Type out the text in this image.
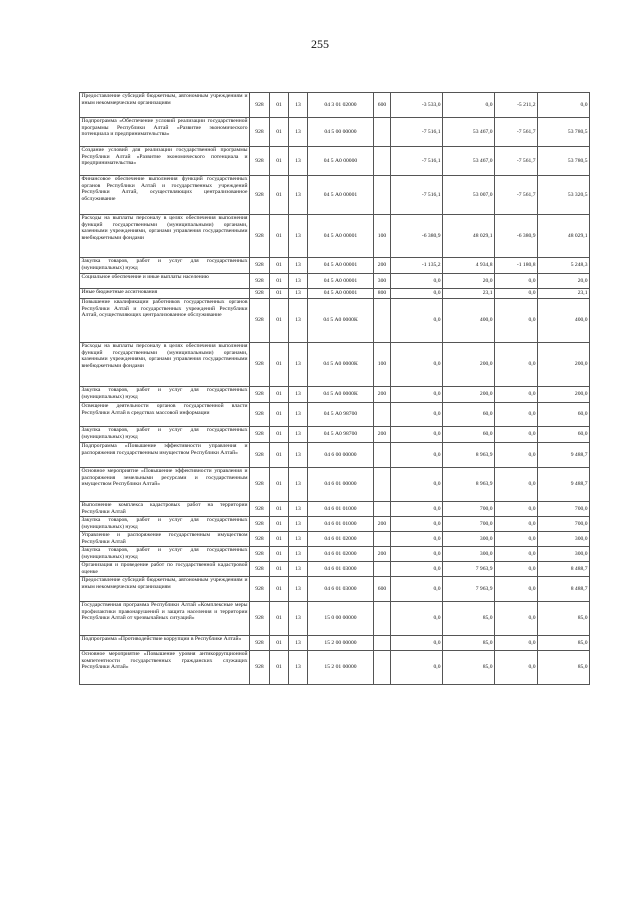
255
Предоставление субсидий бюджетным, автономным учреждениям и иным некоммерческим организациям	928	01	13	04 3 01 02000	600	-3 533,0	0,0	-5 211,2	0,0
Подпрограмма «Обеспечение условий реализации государственной программы Республики Алтай «Развитие экономического потенциала и предпринимательства»	928	01	13	04 5 00 00000		-7 516,1	53 467,0	-7 561,7	53 780,5
Создание условий для реализации государственной программы Республики Алтай «Развитие экономического потенциала и предпринимательства»	928	01	13	04 5 А0 00000		-7 516,1	53 467,0	-7 561,7	53 780,5
Финансовое обеспечение выполнения функций государственных органов Республики Алтай и государственных учреждений Республики Алтай, осуществляющих централизованное обслуживание	928	01	13	04 5 А0 00001		-7 516,1	53 007,0	-7 561,7	53 320,5
Расходы на выплаты персоналу в целях обеспечения выполнения функций государственными (муниципальными) органами, казенными учреждениями, органами управления государственными внебюджетными фондами	928	01	13	04 5 А0 00001	100	-6 380,9	48 029,1	-6 380,9	48 029,1
Закупка товаров, работ и услуг для государственных (муниципальных) нужд	928	01	13	04 5 А0 00001	200	-1 135,2	4 934,8	-1 180,8	5 248,3
Социальное обеспечение и иные выплаты населению	928	01	13	04 5 А0 00001	300	0,0	20,0	0,0	20,0
Иные бюджетные ассигнования	928	01	13	04 5 А0 00001	800	0,0	23,1	0,0	23,1
Повышение квалификации работников государственных органов Республики Алтай и государственных учреждений Республики Алтай, осуществляющих централизованное обслуживание	928	01	13	04 5 А0 0000К		0,0	400,0	0,0	400,0
Расходы на выплаты персоналу в целях обеспечения выполнения функций государственными (муниципальными) органами, казенными учреждениями, органами управления государственными внебюджетными фондами	928	01	13	04 5 А0 0000К	100	0,0	200,0	0,0	200,0
Закупка товаров, работ и услуг для государственных (муниципальных) нужд	928	01	13	04 5 А0 0000К	200	0,0	200,0	0,0	200,0
Освещение деятельности органов государственной власти Республики Алтай в средствах массовой информации	928	01	13	04 5 А0 98700		0,0	60,0	0,0	60,0
Закупка товаров, работ и услуг для государственных (муниципальных) нужд	928	01	13	04 5 А0 98700	200	0,0	60,0	0,0	60,0
Подпрограмма «Повышение эффективности управления и распоряжения государственным имуществом Республики Алтай»	928	01	13	04 6 00 00000		0,0	8 963,9	0,0	9 488,7
Основное мероприятие «Повышение эффективности управления и распоряжения земельными ресурсами и государственным имуществом Республики Алтай»	928	01	13	04 6 01 00000		0,0	8 963,9	0,0	9 488,7
Выполнение комплекса кадастровых работ на территории Республики Алтай	928	01	13	04 6 01 01000		0,0	700,0	0,0	700,0
Закупка товаров, работ и услуг для государственных (муниципальных) нужд	928	01	13	04 6 01 01000	200	0,0	700,0	0,0	700,0
Управление и распоряжение государственным имуществом Республики Алтай	928	01	13	04 6 01 02000		0,0	300,0	0,0	300,0
Закупка товаров, работ и услуг для государственных (муниципальных) нужд	928	01	13	04 6 01 02000	200	0,0	300,0	0,0	300,0
Организация и проведение работ по государственной кадастровой оценке	928	01	13	04 6 01 03000		0,0	7 963,9	0,0	8 488,7
Предоставление субсидий бюджетным, автономным учреждениям и иным некоммерческим организациям	928	01	13	04 6 01 03000	600	0,0	7 963,9	0,0	8 488,7
Государственная программа Республики Алтай «Комплексные меры профилактики правонарушений и защита населения и территории Республики Алтай от чрезвычайных ситуаций»	928	01	13	15 0 00 00000		0,0	85,0	0,0	85,0
Подпрограмма «Противодействие коррупции в Республике Алтай»	928	01	13	15 2 00 00000		0,0	85,0	0,0	85,0
Основное мероприятие «Повышение уровня антикоррупционной компетентности государственных гражданских служащих Республики Алтай»	928	01	13	15 2 01 00000		0,0	85,0	0,0	85,0
